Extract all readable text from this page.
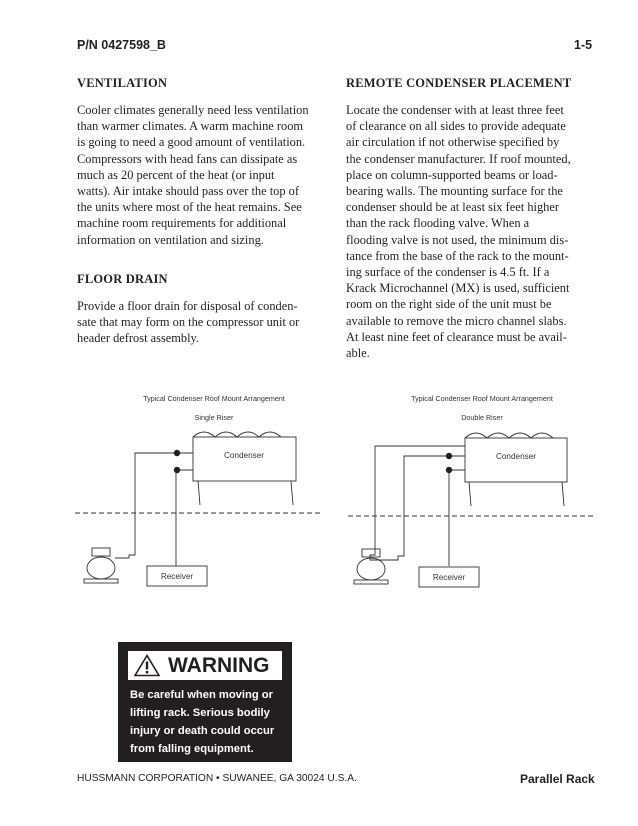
P/N 0427598_B	1-5
VENTILATION
Cooler climates generally need less ventilation
than warmer climates. A warm machine room
is going to need a good amount of ventilation.
Compressors with head fans can dissipate as
much as 20 percent of the heat (or input
watts). Air intake should pass over the top of
the units where most of the heat remains. See
machine room requirements for additional
information on ventilation and sizing.
FLOOR DRAIN
Provide a floor drain for disposal of conden-
sate that may form on the compressor unit or
header defrost assembly.
REMOTE CONDENSER PLACEMENT
Locate the condenser with at least three feet
of clearance on all sides to provide adequate
air circulation if not otherwise specified by
the condenser manufacturer. If roof mounted,
place on column-supported beams or load-
bearing walls. The mounting surface for the
condenser should be at least six feet higher
than the rack flooding valve. When a
flooding valve is not used, the minimum dis-
tance from the base of the rack to the mount-
ing surface of the condenser is 4.5 ft. If a
Krack Microchannel (MX) is used, sufficient
room on the right side of the unit must be
available to remove the micro channel slabs.
At least nine feet of clearance must be avail-
able.
Typical Condenser Roof Mount Arrangement
Single Riser
Condenser
Receiver
Typical Condenser Roof Mount Arrangement
Double Riser
Condenser
Receiver
WARNING
Be careful when moving or
lifting rack. Serious bodily
injury or death could occur
from falling equipment.
HUSSMANN CORPORATION • SUWANEE, GA 30024 U.S.A.	Parallel Rack
